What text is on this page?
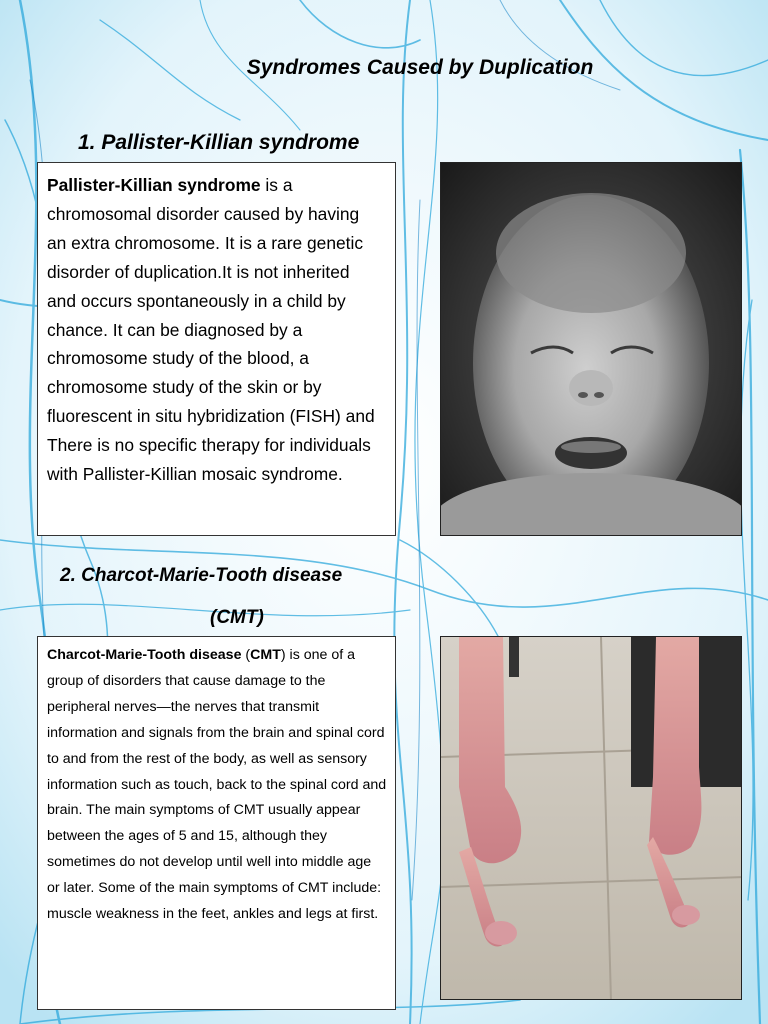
Syndromes Caused by Duplication
1. Pallister-Killian syndrome
Pallister-Killian syndrome is a chromosomal disorder caused by having an extra chromosome. It is a rare genetic disorder of duplication.It is not inherited and occurs spontaneously in a child by chance. It can be diagnosed by a chromosome study of the blood, a chromosome study of the skin or by fluorescent in situ hybridization (FISH) and There is no specific therapy for individuals with Pallister-Killian mosaic syndrome.
2. Charcot-Marie-Tooth disease
(CMT)
Charcot-Marie-Tooth disease (CMT) is one of a group of disorders that cause damage to the peripheral nerves—the nerves that transmit information and signals from the brain and spinal cord to and from the rest of the body, as well as sensory information such as touch, back to the spinal cord and brain. The main symptoms of CMT usually appear between the ages of 5 and 15, although they sometimes do not develop until well into middle age or later. Some of the main symptoms of CMT include: muscle weakness in the feet, ankles and legs at first.
